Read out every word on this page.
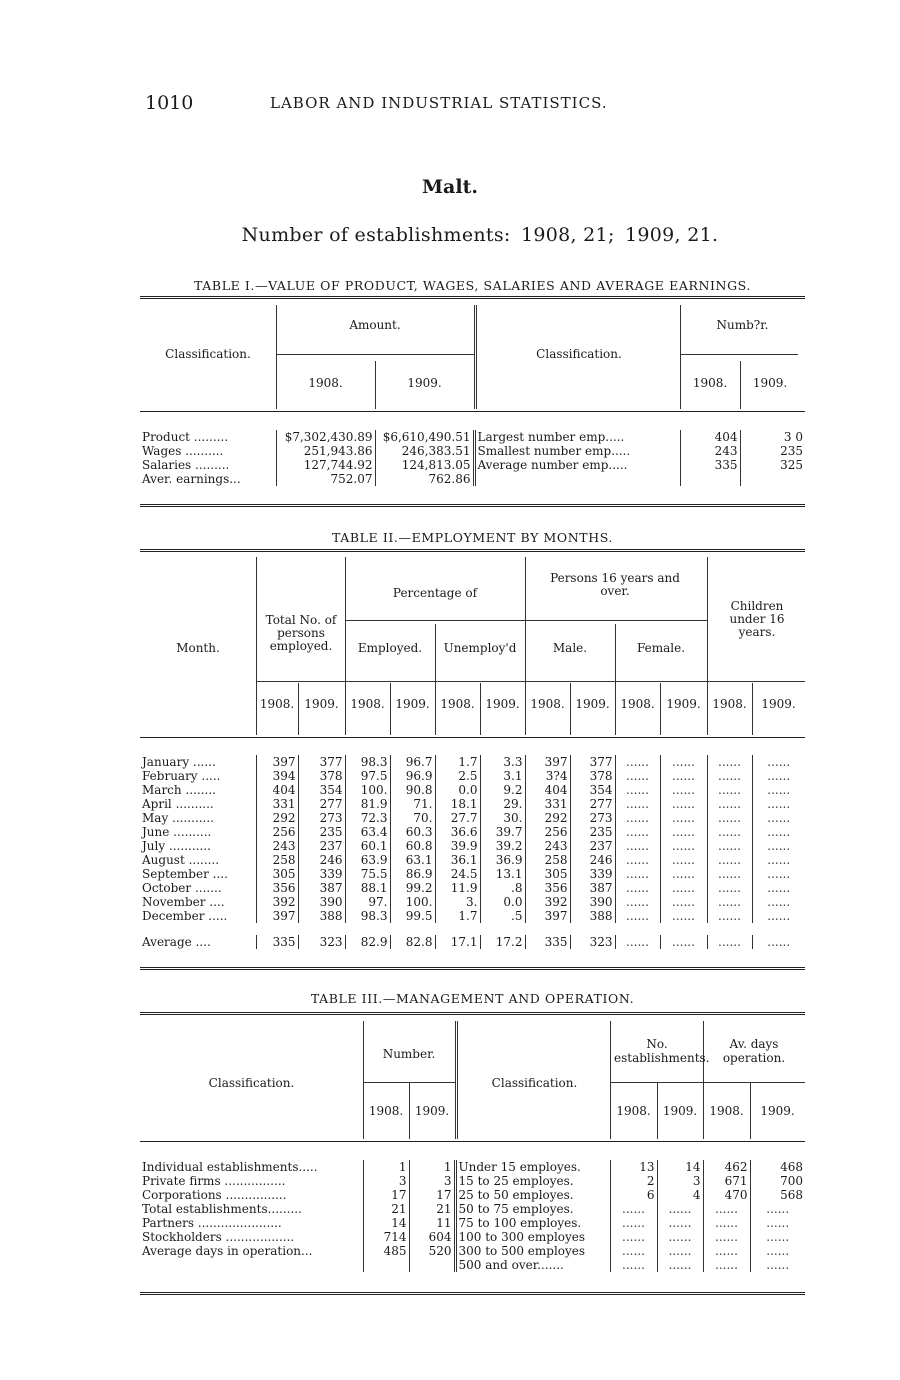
1010	LABOR AND INDUSTRIAL STATISTICS.
Malt.
Number of establishments: 1908, 21; 1909, 21.
TABLE I.—VALUE OF PRODUCT, WAGES, SALARIES AND AVERAGE EARNINGS.
Classification.
Amount.
1908.	1909.
Classification.
Numb?r.
1908.	1909.
Product .........	$7,302,430.89	$6,610,490.51	Largest number emp.....	404	3 0
Wages ..........	251,943.86	246,383.51	Smallest number emp.....	243	235
Salaries .........	127,744.92	124,813.05	Average number emp.....	335	325
Aver. earnings...	752.07	762.86			
TABLE II.—EMPLOYMENT BY MONTHS.
Month.
Total No. of persons employed.
Percentage of
Employed.	Unemploy'd
Persons 16 years and over.
Male.	Female.
Children under 16 years.
1908. 1909. 1908. 1909. 1908. 1909. 1908. 1909. 1908. 1909. 1908.	1909.
January ......	397	377	98.3	96.7	1.7	3.3	397	377	......	......	......	......
February .....	394	378	97.5	96.9	2.5	3.1	3?4	378	......	......	......	......
March ........	404	354	100.	90.8	0.0	9.2	404	354	......	......	......	......
April ..........	331	277	81.9	71.	18.1	29.	331	277	......	......	......	......
May ...........	292	273	72.3	70.	27.7	30.	292	273	......	......	......	......
June ..........	256	235	63.4	60.3	36.6	39.7	256	235	......	......	......	......
July ...........	243	237	60.1	60.8	39.9	39.2	243	237	......	......	......	......
August ........	258	246	63.9	63.1	36.1	36.9	258	246	......	......	......	......
September ....	305	339	75.5	86.9	24.5	13.1	305	339	......	......	......	......
October .......	356	387	88.1	99.2	11.9	.8	356	387	......	......	......	......
November ....	392	390	97.	100.	3.	0.0	392	390	......	......	......	......
December .....	397	388	98.3	99.5	1.7	.5	397	388	......	......	......	......

Average ....	335	323	82.9	82.8	17.1	17.2	335	323	......	......	......	......
TABLE III.—MANAGEMENT AND OPERATION.
Classification.
Number.
1908. 1909.
Classification.
No. establishments.
Av. days operation.
1908.	1909.	1908.	1909.
Individual establishments.....	1	1	Under 15 employes.	13	14	462	468
Private firms ................	3	3	15 to 25 employes.	2	3	671	700
Corporations ................	17	17	25 to 50 employes.	6	4	470	568
Total establishments.........	21	21	50 to 75 employes.	......	......	......	......
Partners ......................	14	11	75 to 100 employes.	......	......	......	......
Stockholders ..................	714	604	100 to 300 employes	......	......	......	......
Average days in operation...	485	520	300 to 500 employes	......	......	......	......
			500 and over.......	......	......	......	......
